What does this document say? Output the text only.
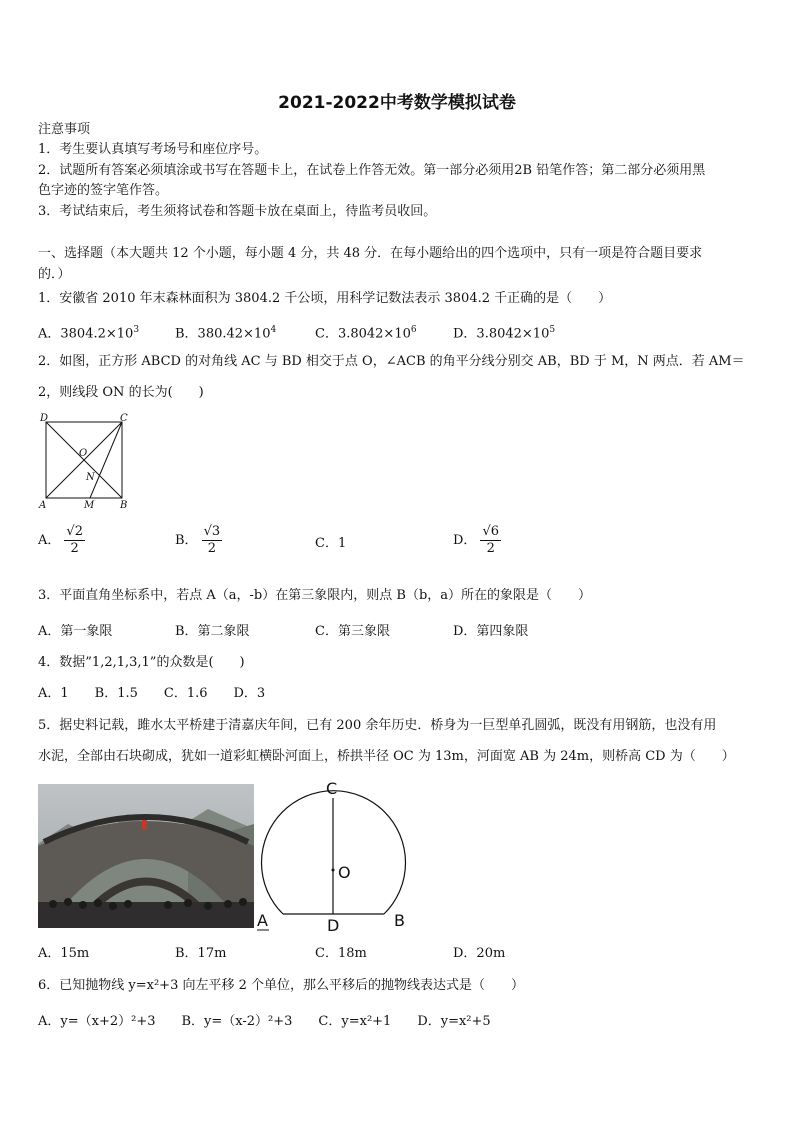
2021-2022中考数学模拟试卷
注意事项
1．考生要认真填写考场号和座位序号。
2．试题所有答案必须填涂或书写在答题卡上，在试卷上作答无效。第一部分必须用2B 铅笔作答；第二部分必须用黑
色字迹的签字笔作答。
3．考试结束后，考生须将试卷和答题卡放在桌面上，待监考员收回。
一、选择题（本大题共 12 个小题，每小题 4 分，共 48 分．在每小题给出的四个选项中，只有一项是符合题目要求
的．）
1．安徽省 2010 年末森林面积为 3804.2 千公顷，用科学记数法表示 3804.2 千正确的是（　　）
A．$3804.2\times 10^3$	B．$380.42\times 10^4$	C．$3.8042\times 10^6$	D．$3.8042\times 10^5$
2．如图，正方形 ABCD 的对角线 AC 与 BD 相交于点 O，∠ACB 的角平分线分别交 AB，BD 于 M，N 两点．若 AM＝
2，则线段 ON 的长为(　　)
D	C
O
N
A	M	B
A． $\frac{√2}{2}$	B． $\frac{√3}{2}$	C．1	D． $\frac{√6}{2}$
3．平面直角坐标系中，若点 A（a，-b）在第三象限内，则点 B（b，a）所在的象限是（　　）
A．第一象限	B．第二象限	C．第三象限	D．第四象限
4．数据”1,2,1,3,1”的众数是(　　)
A．1　　B．1.5　　C．1.6　　D．3
5．据史料记载，雎水太平桥建于清嘉庆年间，已有 200 余年历史．桥身为一巨型单孔圆弧，既没有用钢筋，也没有用
水泥，全部由石块砌成，犹如一道彩虹横卧河面上，桥拱半径 OC 为 13m，河面宽 AB 为 24m，则桥高 CD 为（　　）
C
O
A	D	B
A．15m	B．17m	C．18m	D．20m
6．已知抛物线 y=x²+3 向左平移 2 个单位，那么平移后的抛物线表达式是（　　）
A．y=（x+2）²+3　　B．y=（x-2）²+3　　C．y=x²+1　　D．y=x²+5
